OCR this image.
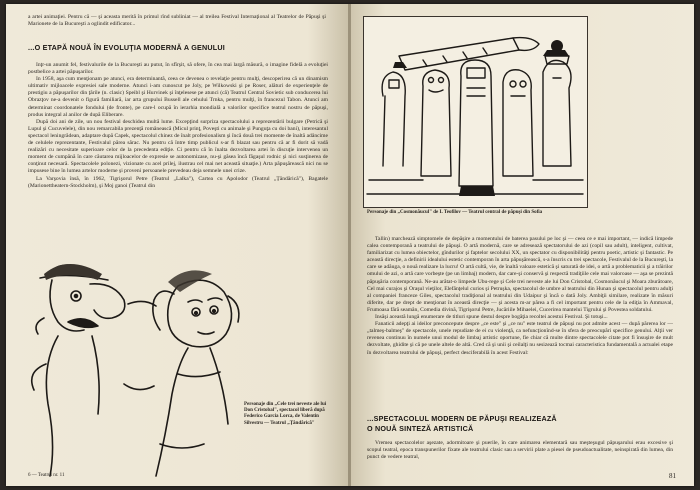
a artei animaţiei. Pentru că — şi aceasta merită în primul rînd subliniat — al treilea Festival Internaţional al Teatrelor de Păpuşi şi Marionete de la Bucureşti a oglindit edificator...

...O ETAPĂ NOUĂ ÎN EVOLUŢIA MODERNĂ A GENULUI

Inţr-un anumit fel, festivalurile de la Bucureşti au putut, în sfîrşit, să ofere, în cea mai largă măsură, o imagine fidelă a evoluţiei postbelice a artei păpuşarilor.

In 1958, aşa cum menţionam pe atunci, era determinantă, ceea ce devenea o revelaţie pentru mulţi, descoperirea că un dinamism ultimativ mijloacele expresiei sale moderne. Atunci i-am cunoscut pe Joly, pe Wilkowski şi pe Roser, alături de experienţele de prestigiu a păpuşarilor din ţările (n. clasic) Speibl şi Hurvinek şi înţelesese pe atunci (că) Teatrul Central Sovietic sub conducerea lui Obrazţov ne-a devenit o figură familiară, iar arta grupului Bussell ale cehului Trnka, pentru mulţi, în francezul Tabon. Atunci am determinat coordonatele fondului (de fronte), pe care-l ocupă în ierarhia mondială a valorilor specifice teatrul nostru de păpuşi, produs integral al anilor de după Eliberare.

După doi ani de zile, un nou festival deschidea multă lume. Excepţind surpriza spectacolului a reprezentării bulgare (Petrică şi Lupul şi Cucuvelele), din nou remarcabila prezenţă românească (Micul prinţ, Poveşti cu animale şi Punguţa cu doi bani), interesantul spectacol leningrădean, adaptare după Capek, spectacolul chinez de înalt profesionalism şi încă două trei momente de înaltă adâncime de celulele reprezentante, Festivalul părea sărac. Nu pentru că între timp publicul s-ar fi blazat sau pentru că ar fi dorit să vadă realizări cu necesitate superioare celor de la precedenta ediţie. Ci pentru că în înalta dezvoltarea artei în discuţie intervenea un moment de cumpănă în care căutarea mijloacelor de expresie se autonomizase, nu-şi găsea încă făgaşul rodnic şi nici susţinerea de conţinut necesară. Spectacolele polonezi, vizionate cu acel prilej, ilustrau cel mai net această situaţie.) Arta păpuşărească nici nu se impusese bine în lumea artelor moderne şi proveni persoanele prevedeau deja semnele unei crize.

La Varşovia însă, în 1962, Tigrişorul Petre (Teatrul „Lalka"), Cartea cu Apolodor (Teatrul „Ţăndărică"), Bagatele (Marionettheatern-Stockholm), şi Moj ganoi (Teatrul din

Personaje din „Cele trei neveste ale lui Don Cristobal", spectacol liberă după Federico Garcia Lorca, de Valentin Silvestru — Teatrul „Ţăndărică"

6 — Teatrul nr. 11

Personaje din „Cosmonăucul" de I. Teofilov — Teatrul central de păpuşi din Sofia

Tallin) marchează simptomele de depăşire a momentului de baterea pasului pe loc şi — ceea ce e mai important, — indică limpede calea contemporană a teatrului de păpuşi. O artă modernă, care se adresează spectatorului de azi (copil sau adult), inteligent, cultivat, familiarizat cu lumea obiectelor, gîndurilor şi faptelor secolului XX, un spectator cu disponibilităţi pentru poetic, artistic şi fantastic. Pe această direcţie, a definirii idealului estetic contemporan în arta păpuşărească, s-a înscris cu trei spectacole, Festivalul de la Bucureşti, la care se adăuga, o nouă realizare la lucru! O artă cultă, vie, de înaltă valoare estetică şi saturată de idei, o artă a problematicii şi a trăirilor omului de azi, o artă care vorbeşte (pe un limbaj) modern, dar care-şi conservă şi respectă tradiţiile cele mai valoroase — aşa se prezintă păpuşăria contemporană. Ne-au arătat-o limpede Ubu-rege şi Cele trei neveste ale lui Don Cristobal, Cosmonăucul şi Moara zburătoare, Cel mai curajos şi Oraşul vieţilor, Elefănţelul curios şi Petruşka, spectacolul de umbre al teatrului din Hunan şi spectacolul pentru adulţi al companiei franceze Giles, spectacolul tradiţional al teatrului din Udaipur şi încă o dată Joly. Ambiţii similare, realizate în măsuri diferite, dar pe drept de menţionat în această direcţie — şi acesta m-ar părea a fi cel important pentru cele de la ediţia în Ammaval, Frumoasa fără seamăn, Comedia divină, Tigrişorul Petre, Jucăriile Mihaelei, Cucerirea mantelui Tigrului şi Povestea soldatului.

Insăşi această lungă enumerare de titluri spune destul despre bogăţia recoltei acestui Festival. Şi totuşi...

Fanaticii adepţi ai ideilor preconcepute despre „ce este" şi „ce nu" este teatrul de păpuşi nu pot admite acest — după părerea lor — „talmeş-balmeş" de spectacole, unele repudiate de ei cu violenţă, ca nefuncţionînd-se în sfera de preocupări specifice genului. Alţii ver revenea continuu în numele unui modul de limbaj artistic oportune, fie chiar că multe dintre spectacolele citate pot fi însuşire de mult dezvoltate, ghidite şi că pe unele altele de altă. Cred că şi unii şi ceilalţi nu sesizează tocmai caracteristica fundamentală a actualei etape în dezvoltarea teatrului de păpuşi, perfect desciferabilă în acest Festival:

...SPECTACOLUL MODERN DE PĂPUŞI REALIZEAZĂ

O NOUĂ SINTEZĂ ARTISTICĂ

Vremea spectacolelor aşezate, adormitoare şi puerile, în care animarea elementară sau meşteşugul păpuşarului erau excesive şi scopul teatral, epoca transpunerilor fixate ale teatrului clasic sau a servirii plate a piesei de pseudoactualitate, neinspirată din lumea, din punct de vedere teatral,

81
